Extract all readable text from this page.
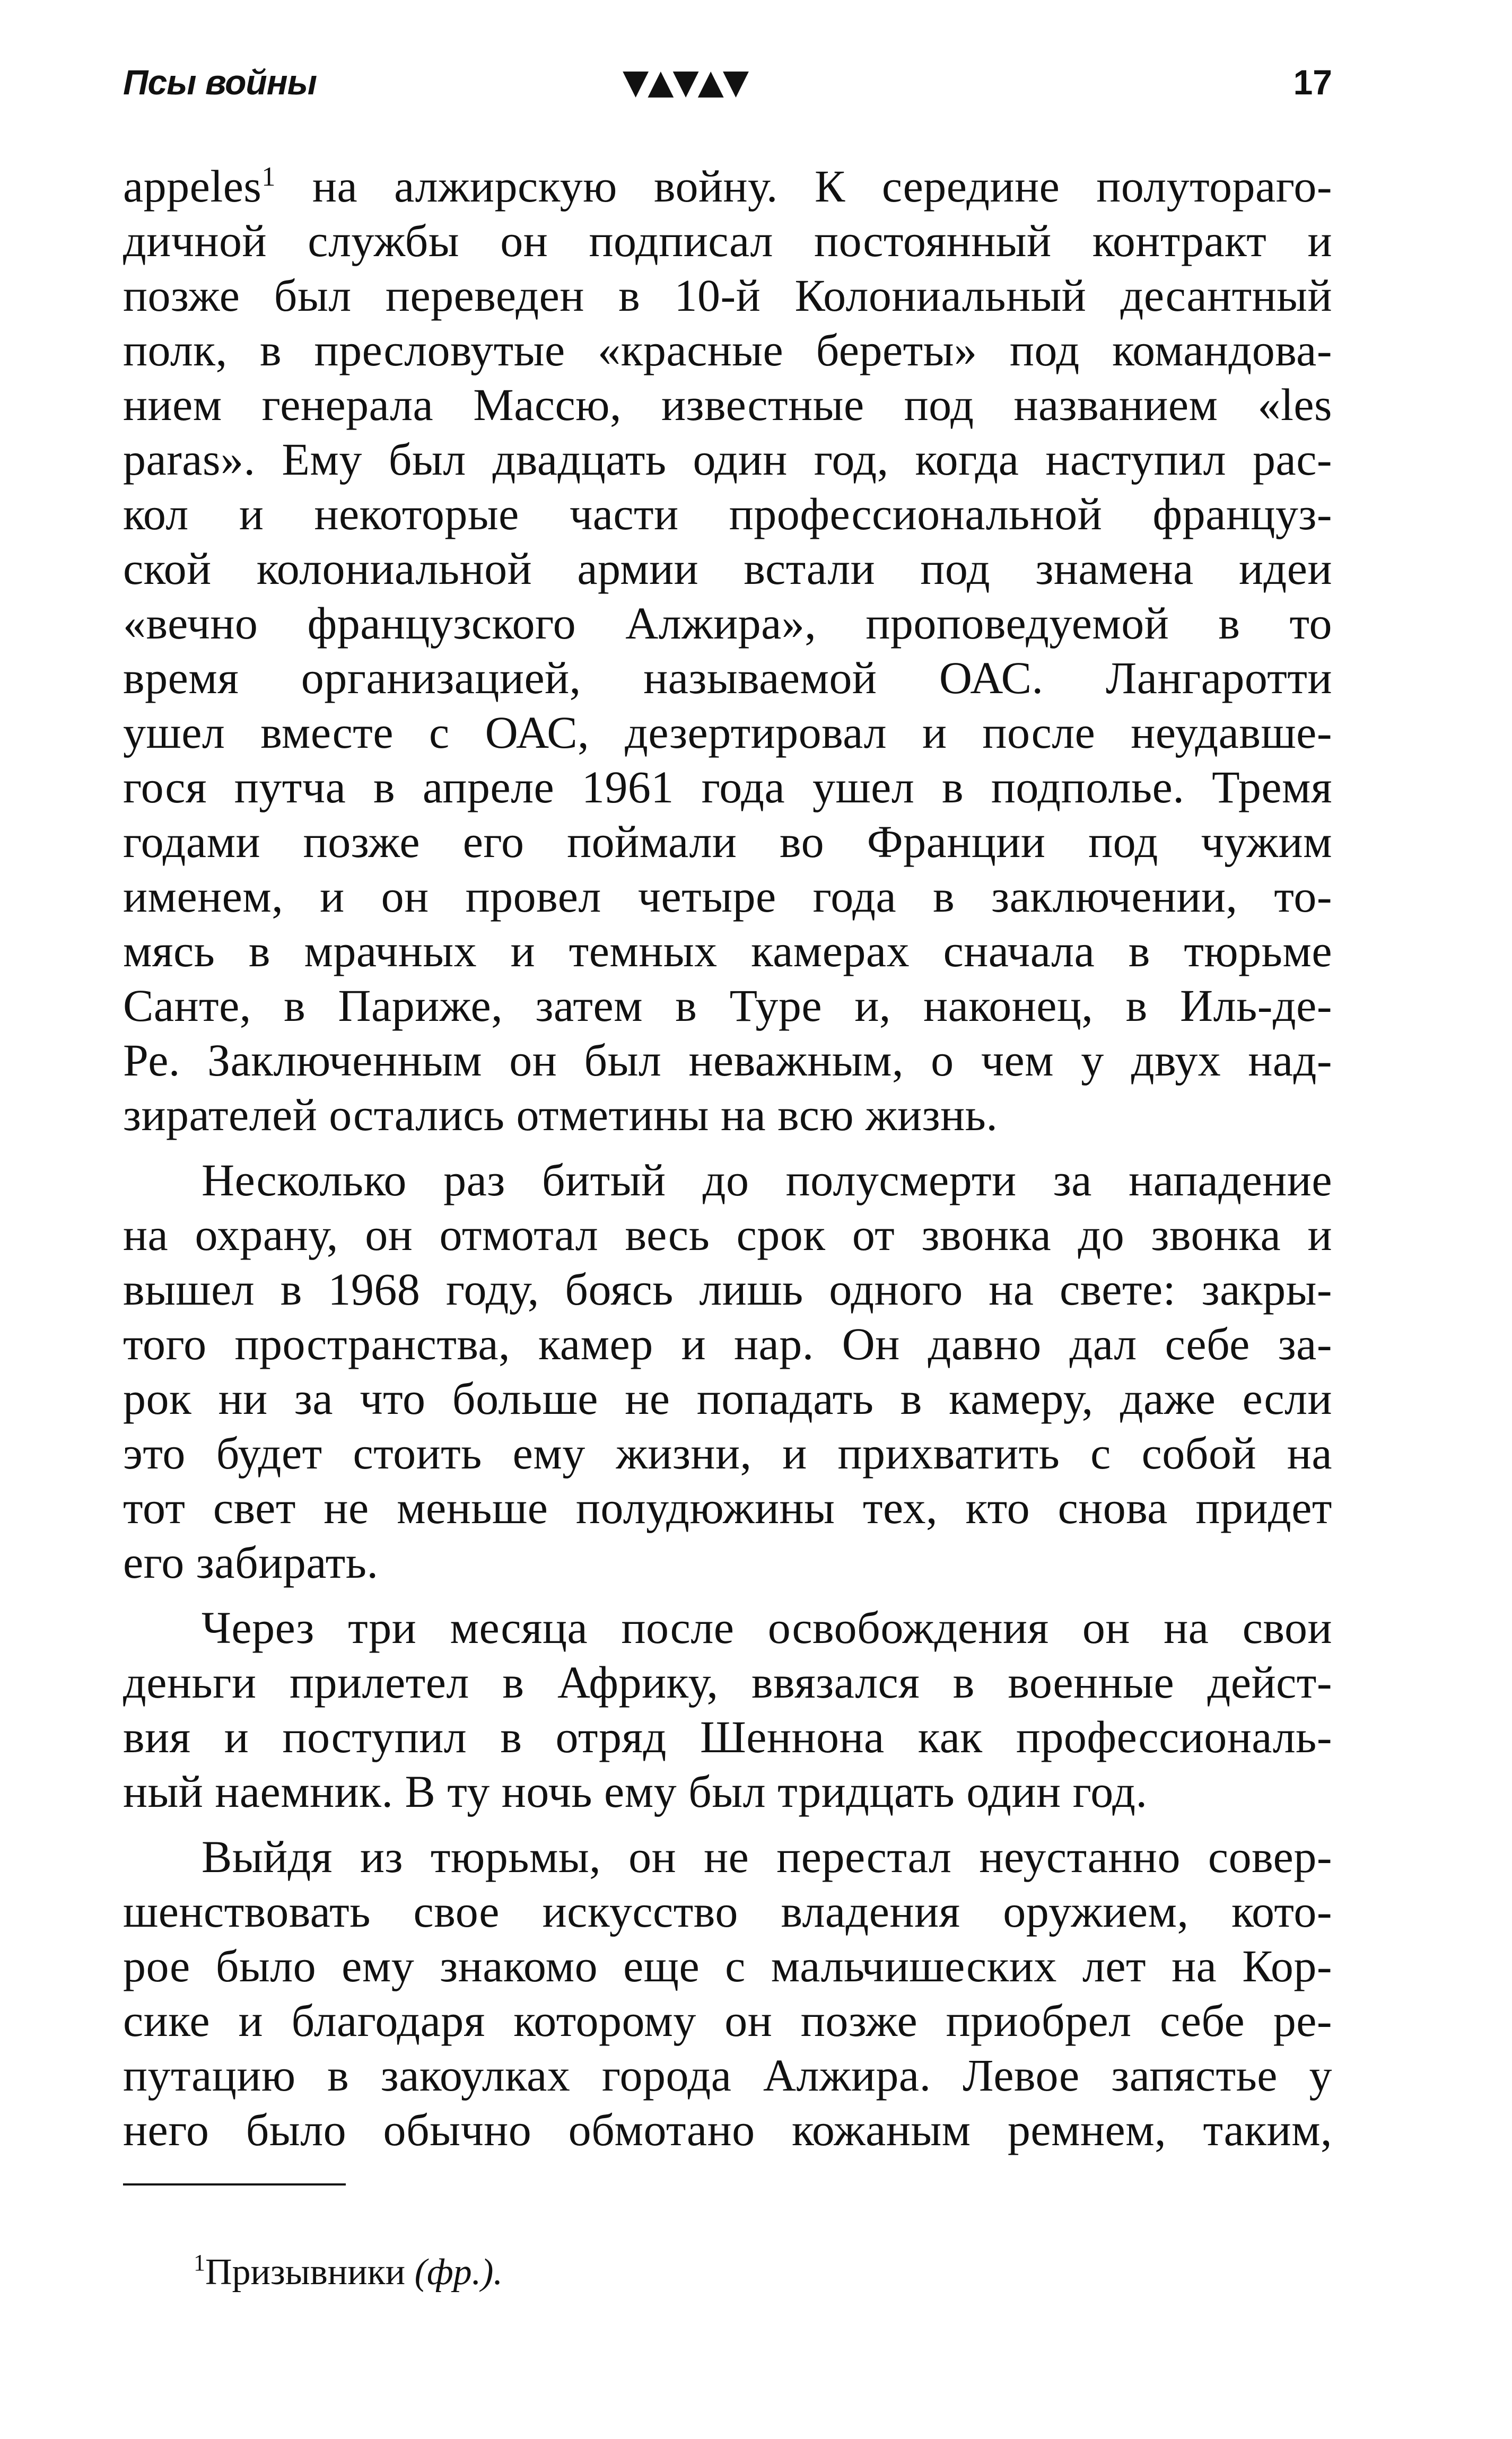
Псы войны	▼▲▼▲▼	17
appeles$^1$ на алжирскую войну. К середине полутораго-
дичной службы он подписал постоянный контракт и
позже был переведен в 10-й Колониальный десантный
полк, в пресловутые «красные береты» под командова-
нием генерала Массю, известные под названием «les
paras». Ему был двадцать один год, когда наступил рас-
кол и некоторые части профессиональной француз-
ской колониальной армии встали под знамена идеи
«вечно французского Алжира», проповедуемой в то
время организацией, называемой ОАС. Лангаротти
ушел вместе с ОАС, дезертировал и после неудавше-
гося путча в апреле 1961 года ушел в подполье. Тремя
годами позже его поймали во Франции под чужим
именем, и он провел четыре года в заключении, то-
мясь в мрачных и темных камерах сначала в тюрьме
Санте, в Париже, затем в Туре и, наконец, в Иль-де-
Ре. Заключенным он был неважным, о чем у двух над-
зирателей остались отметины на всю жизнь.
Несколько раз битый до полусмерти за нападение
на охрану, он отмотал весь срок от звонка до звонка и
вышел в 1968 году, боясь лишь одного на свете: закры-
того пространства, камер и нар. Он давно дал себе за-
рок ни за что больше не попадать в камеру, даже если
это будет стоить ему жизни, и прихватить с собой на
тот свет не меньше полудюжины тех, кто снова придет
его забирать.
Через три месяца после освобождения он на свои
деньги прилетел в Африку, ввязался в военные дейст-
вия и поступил в отряд Шеннона как профессиональ-
ный наемник. В ту ночь ему был тридцать один год.
Выйдя из тюрьмы, он не перестал неустанно совер-
шенствовать свое искусство владения оружием, кото-
рое было ему знакомо еще с мальчишеских лет на Кор-
сике и благодаря которому он позже приобрел себе ре-
путацию в закоулках города Алжира. Левое запястье у
него было обычно обмотано кожаным ремнем, таким,
$^1$Призывники (фр.).
